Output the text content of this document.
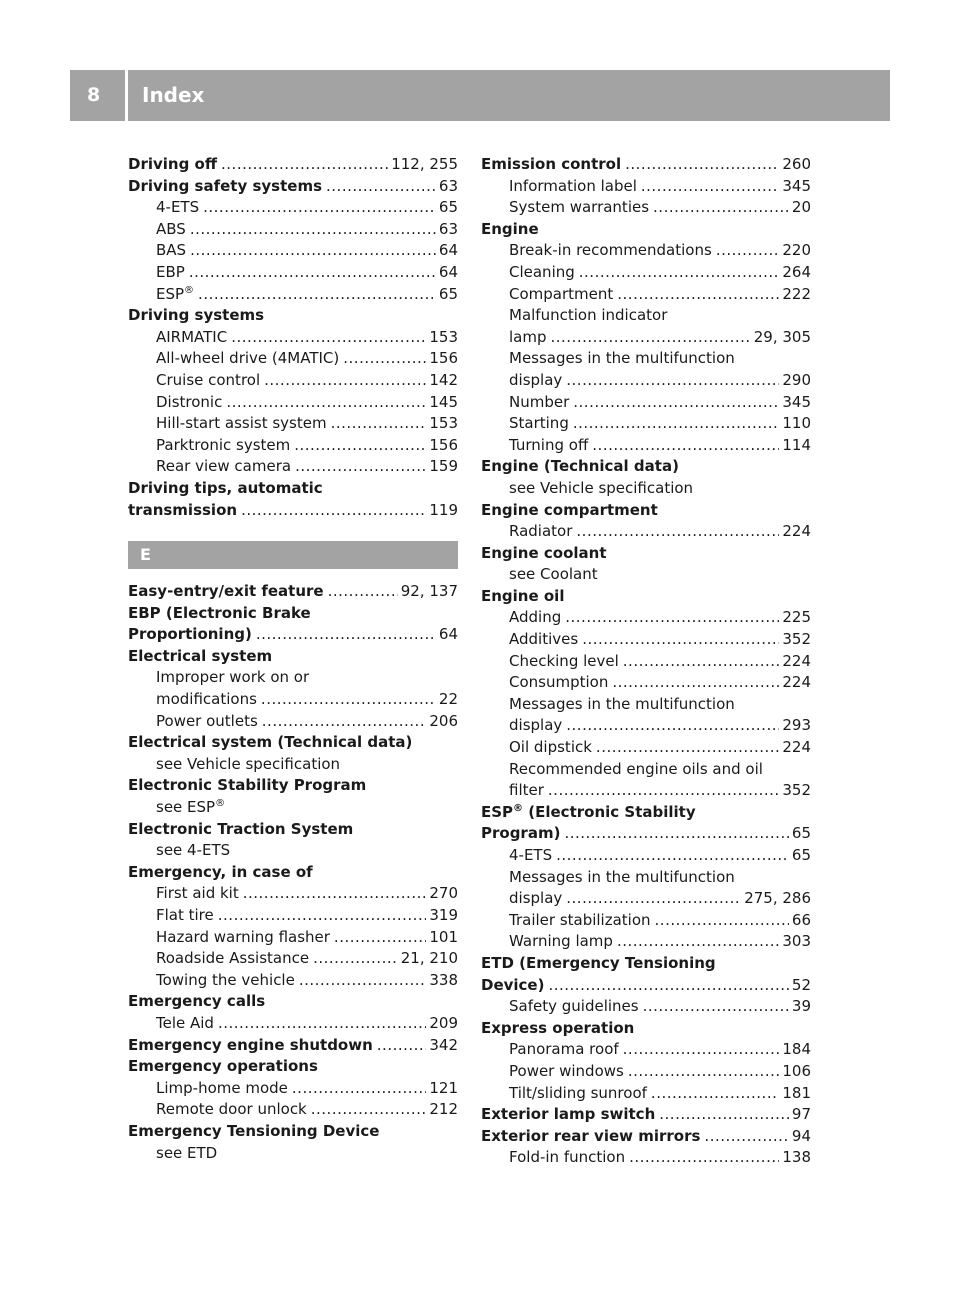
8	Index
Driving off .....	112, 255
Driving safety systems .....	63
4-ETS .....	65
ABS .....	63
BAS .....	64
EBP .....	64
ESP® .....	65
Driving systems
AIRMATIC .....	153
All-wheel drive (4MATIC) .....	156
Cruise control .....	142
Distronic .....	145
Hill-start assist system .....	153
Parktronic system .....	156
Rear view camera .....	159
Driving tips, automatic
transmission .....	119
E
Easy-entry/exit feature .....	92, 137
EBP (Electronic Brake
Proportioning) .....	64
Electrical system
Improper work on or
modifications .....	22
Power outlets .....	206
Electrical system (Technical data)
see Vehicle specification
Electronic Stability Program
see ESP®
Electronic Traction System
see 4-ETS
Emergency, in case of
First aid kit .....	270
Flat tire .....	319
Hazard warning flasher .....	101
Roadside Assistance .....	21, 210
Towing the vehicle .....	338
Emergency calls
Tele Aid .....	209
Emergency engine shutdown .....	342
Emergency operations
Limp-home mode .....	121
Remote door unlock .....	212
Emergency Tensioning Device
see ETD
Emission control .....	260
Information label .....	345
System warranties .....	20
Engine
Break-in recommendations .....	220
Cleaning .....	264
Compartment .....	222
Malfunction indicator
lamp .....	29, 305
Messages in the multifunction
display .....	290
Number .....	345
Starting .....	110
Turning off .....	114
Engine (Technical data)
see Vehicle specification
Engine compartment
Radiator .....	224
Engine coolant
see Coolant
Engine oil
Adding .....	225
Additives .....	352
Checking level .....	224
Consumption .....	224
Messages in the multifunction
display .....	293
Oil dipstick .....	224
Recommended engine oils and oil
filter .....	352
ESP® (Electronic Stability
Program) .....	65
4-ETS .....	65
Messages in the multifunction
display .....	275, 286
Trailer stabilization .....	66
Warning lamp .....	303
ETD (Emergency Tensioning
Device) .....	52
Safety guidelines .....	39
Express operation
Panorama roof .....	184
Power windows .....	106
Tilt/sliding sunroof .....	181
Exterior lamp switch .....	97
Exterior rear view mirrors .....	94
Fold-in function .....	138
